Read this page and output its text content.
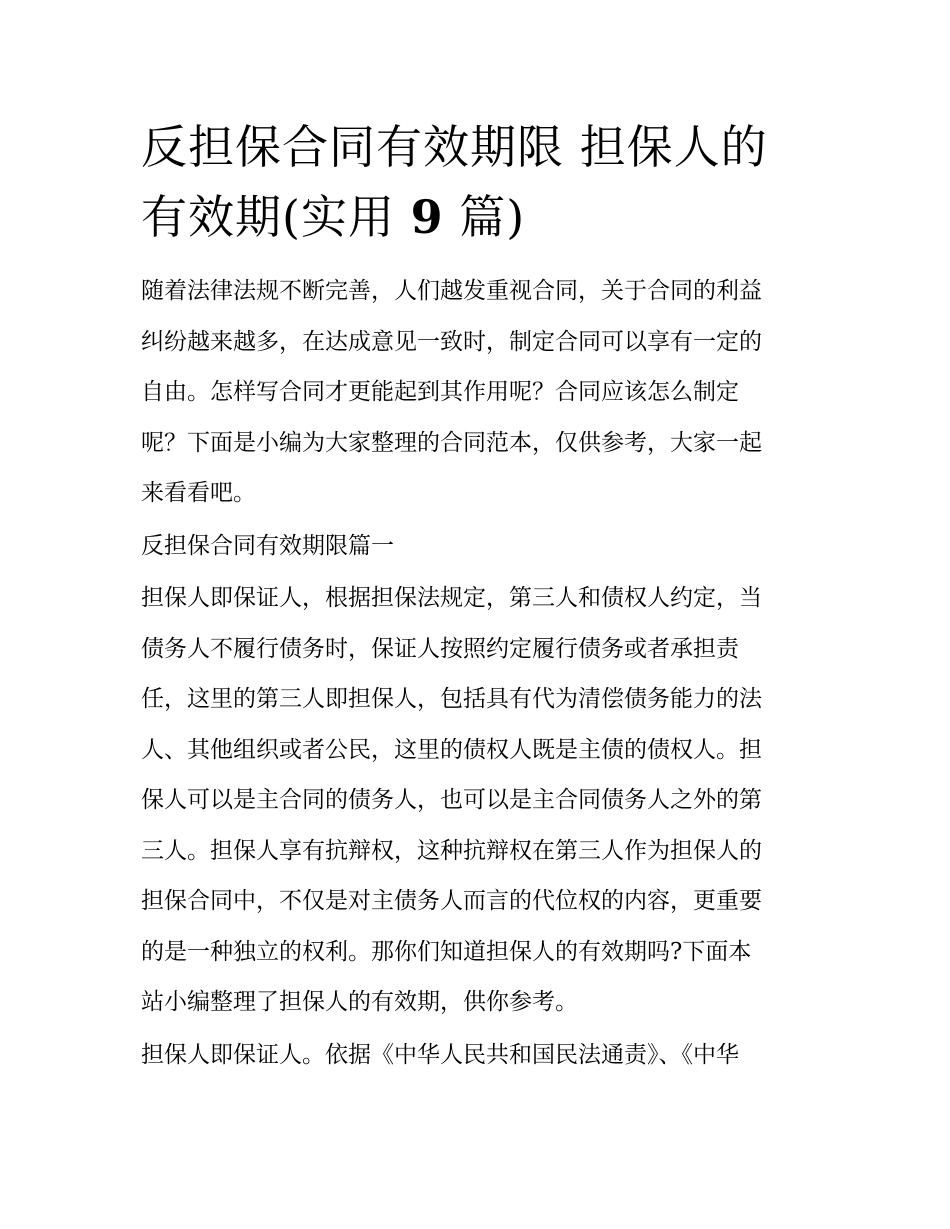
反担保合同有效期限 担保人的
有效期(实用 9 篇)

随着法律法规不断完善，人们越发重视合同，关于合同的利益
纠纷越来越多，在达成意见一致时，制定合同可以享有一定的
自由。怎样写合同才更能起到其作用呢？合同应该怎么制定
呢？下面是小编为大家整理的合同范本，仅供参考，大家一起
来看看吧。

反担保合同有效期限篇一

担保人即保证人，根据担保法规定，第三人和债权人约定，当
债务人不履行债务时，保证人按照约定履行债务或者承担责
任，这里的第三人即担保人，包括具有代为清偿债务能力的法
人、其他组织或者公民，这里的债权人既是主债的债权人。担
保人可以是主合同的债务人，也可以是主合同债务人之外的第
三人。担保人享有抗辩权，这种抗辩权在第三人作为担保人的
担保合同中，不仅是对主债务人而言的代位权的内容，更重要
的是一种独立的权利。那你们知道担保人的有效期吗?下面本
站小编整理了担保人的有效期，供你参考。

担保人即保证人。依据《中华人民共和国民法通责》、《中华
